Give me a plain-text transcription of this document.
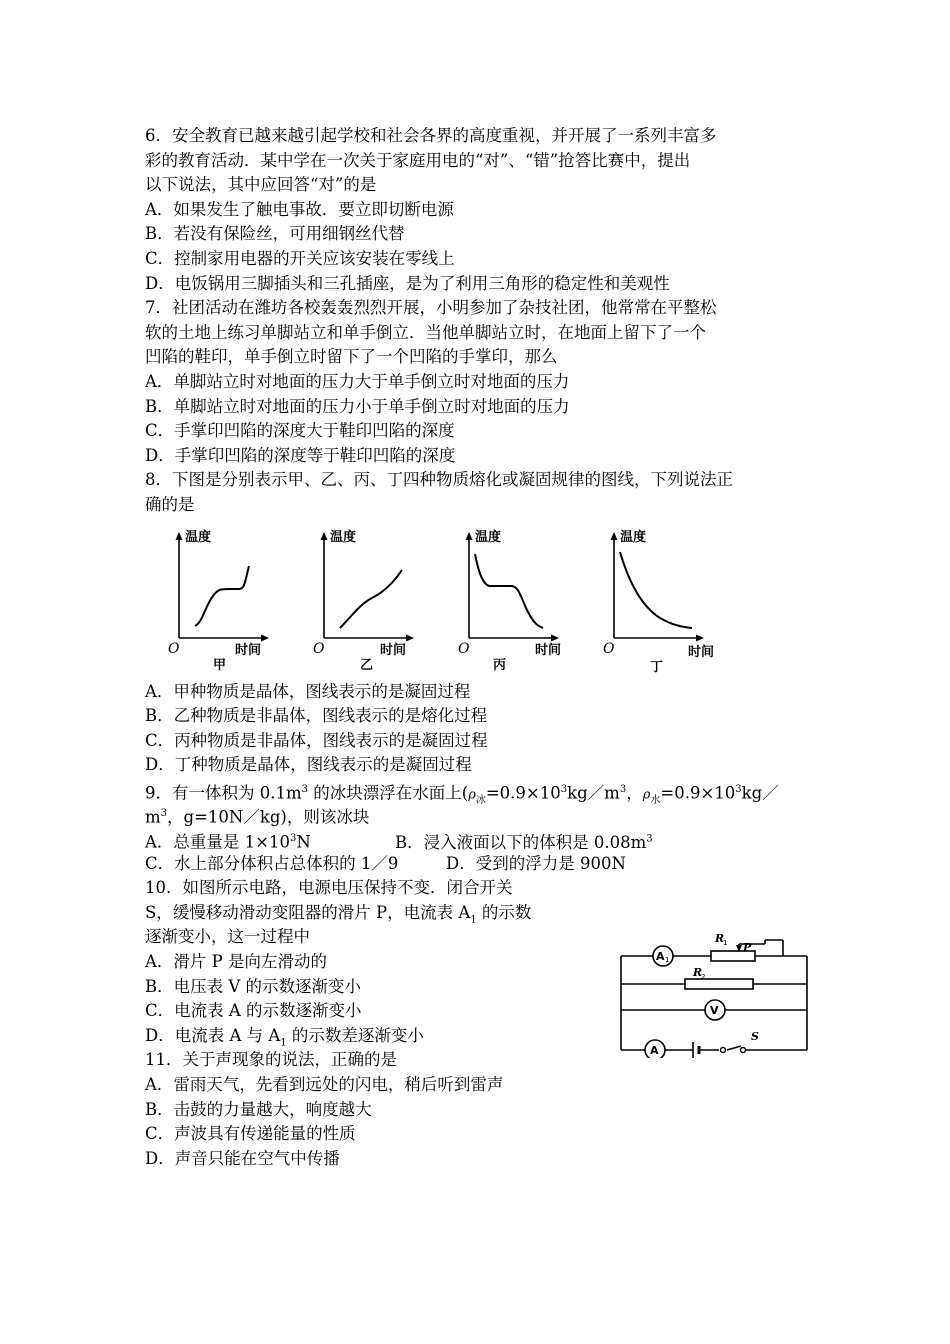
6．安全教育已越来越引起学校和社会各界的高度重视，并开展了一系列丰富多
彩的教育活动．某中学在一次关于家庭用电的“对”、“错”抢答比赛中，提出
以下说法，其中应回答“对”的是
A．如果发生了触电事故．要立即切断电源
B．若没有保险丝，可用细钢丝代替
C．控制家用电器的开关应该安装在零线上
D．电饭锅用三脚插头和三孔插座，是为了利用三角形的稳定性和美观性
7．社团活动在潍坊各校轰轰烈烈开展，小明参加了杂技社团，他常常在平整松
软的土地上练习单脚站立和单手倒立．当他单脚站立时，在地面上留下了一个
凹陷的鞋印，单手倒立时留下了一个凹陷的手掌印，那么
A．单脚站立时对地面的压力大于单手倒立时对地面的压力
B．单脚站立时对地面的压力小于单手倒立时对地面的压力
C．手掌印凹陷的深度大于鞋印凹陷的深度
D．手掌印凹陷的深度等于鞋印凹陷的深度
8．下图是分别表示甲、乙、丙、丁四种物质熔化或凝固规律的图线，下列说法正
确的是
温度
时间
O
甲
温度
时间
O
乙
温度
时间
O
丙
温度
时间
O
丁
A．甲种物质是晶体，图线表示的是凝固过程
B．乙种物质是非晶体，图线表示的是熔化过程
C．丙种物质是非晶体，图线表示的是凝固过程
D．丁种物质是晶体，图线表示的是凝固过程
9．有一体积为 $0.1m^3$ 的冰块漂浮在水面上($\rho_冰=0.9\times 10^3kg/m^3$，$\rho_水=0.9\times 10^3kg/$
$m^3$，g=10N／kg)，则该冰块
A．总重量是 $1\times 10^3N$	B．浸入液面以下的体积是 $0.08m^3$
C．水上部分体积占总体积的 1／9	D．受到的浮力是 900N
10．如图所示电路，电源电压保持不变．闭合开关
S，缓慢移动滑动变阻器的滑片 P，电流表 $A_1$ 的示数
逐渐变小，这一过程中
A．滑片 P 是向左滑动的
B．电压表 V 的示数逐渐变小
C．电流表 A 的示数逐渐变小
D．电流表 A 与 $A_1$ 的示数差逐渐变小
A 1
V
A
R
1 P
R
2
S
11．关于声现象的说法，正确的是
A．雷雨天气，先看到远处的闪电，稍后听到雷声
B．击鼓的力量越大，响度越大
C．声波具有传递能量的性质
D．声音只能在空气中传播
